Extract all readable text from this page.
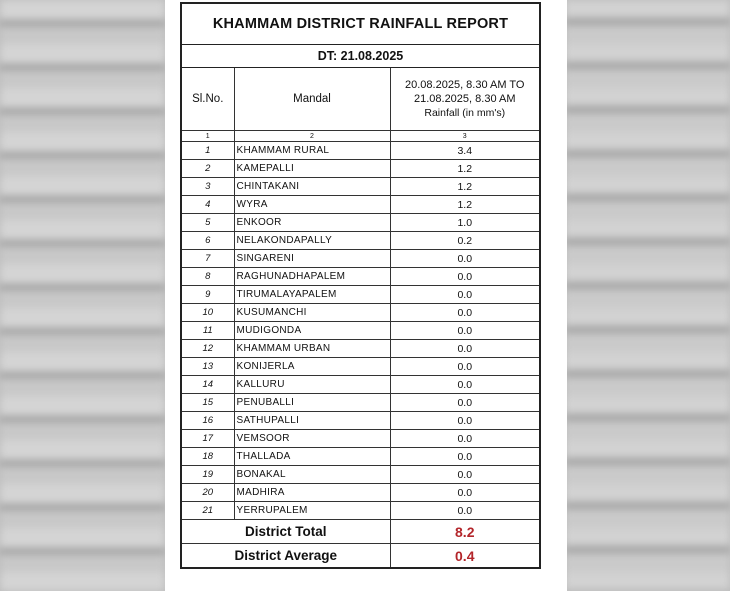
KHAMMAM DISTRICT RAINFALL REPORT
DT: 21.08.2025
Sl.No.	Mandal	20.08.2025, 8.30 AM TO
21.08.2025, 8.30 AM
Rainfall (in mm's)

1	2	3
1	KHAMMAM RURAL	3.4
2	KAMEPALLI	1.2
3	CHINTAKANI	1.2
4	WYRA	1.2
5	ENKOOR	1.0
6	NELAKONDAPALLY	0.2
7	SINGARENI	0.0
8	RAGHUNADHAPALEM	0.0
9	TIRUMALAYAPALEM	0.0
10	KUSUMANCHI	0.0
11	MUDIGONDA	0.0
12	KHAMMAM URBAN	0.0
13	KONIJERLA	0.0
14	KALLURU	0.0
15	PENUBALLI	0.0
16	SATHUPALLI	0.0
17	VEMSOOR	0.0
18	THALLADA	0.0
19	BONAKAL	0.0
20	MADHIRA	0.0
21	YERRUPALEM	0.0
District Total		8.2
District Average		0.4
